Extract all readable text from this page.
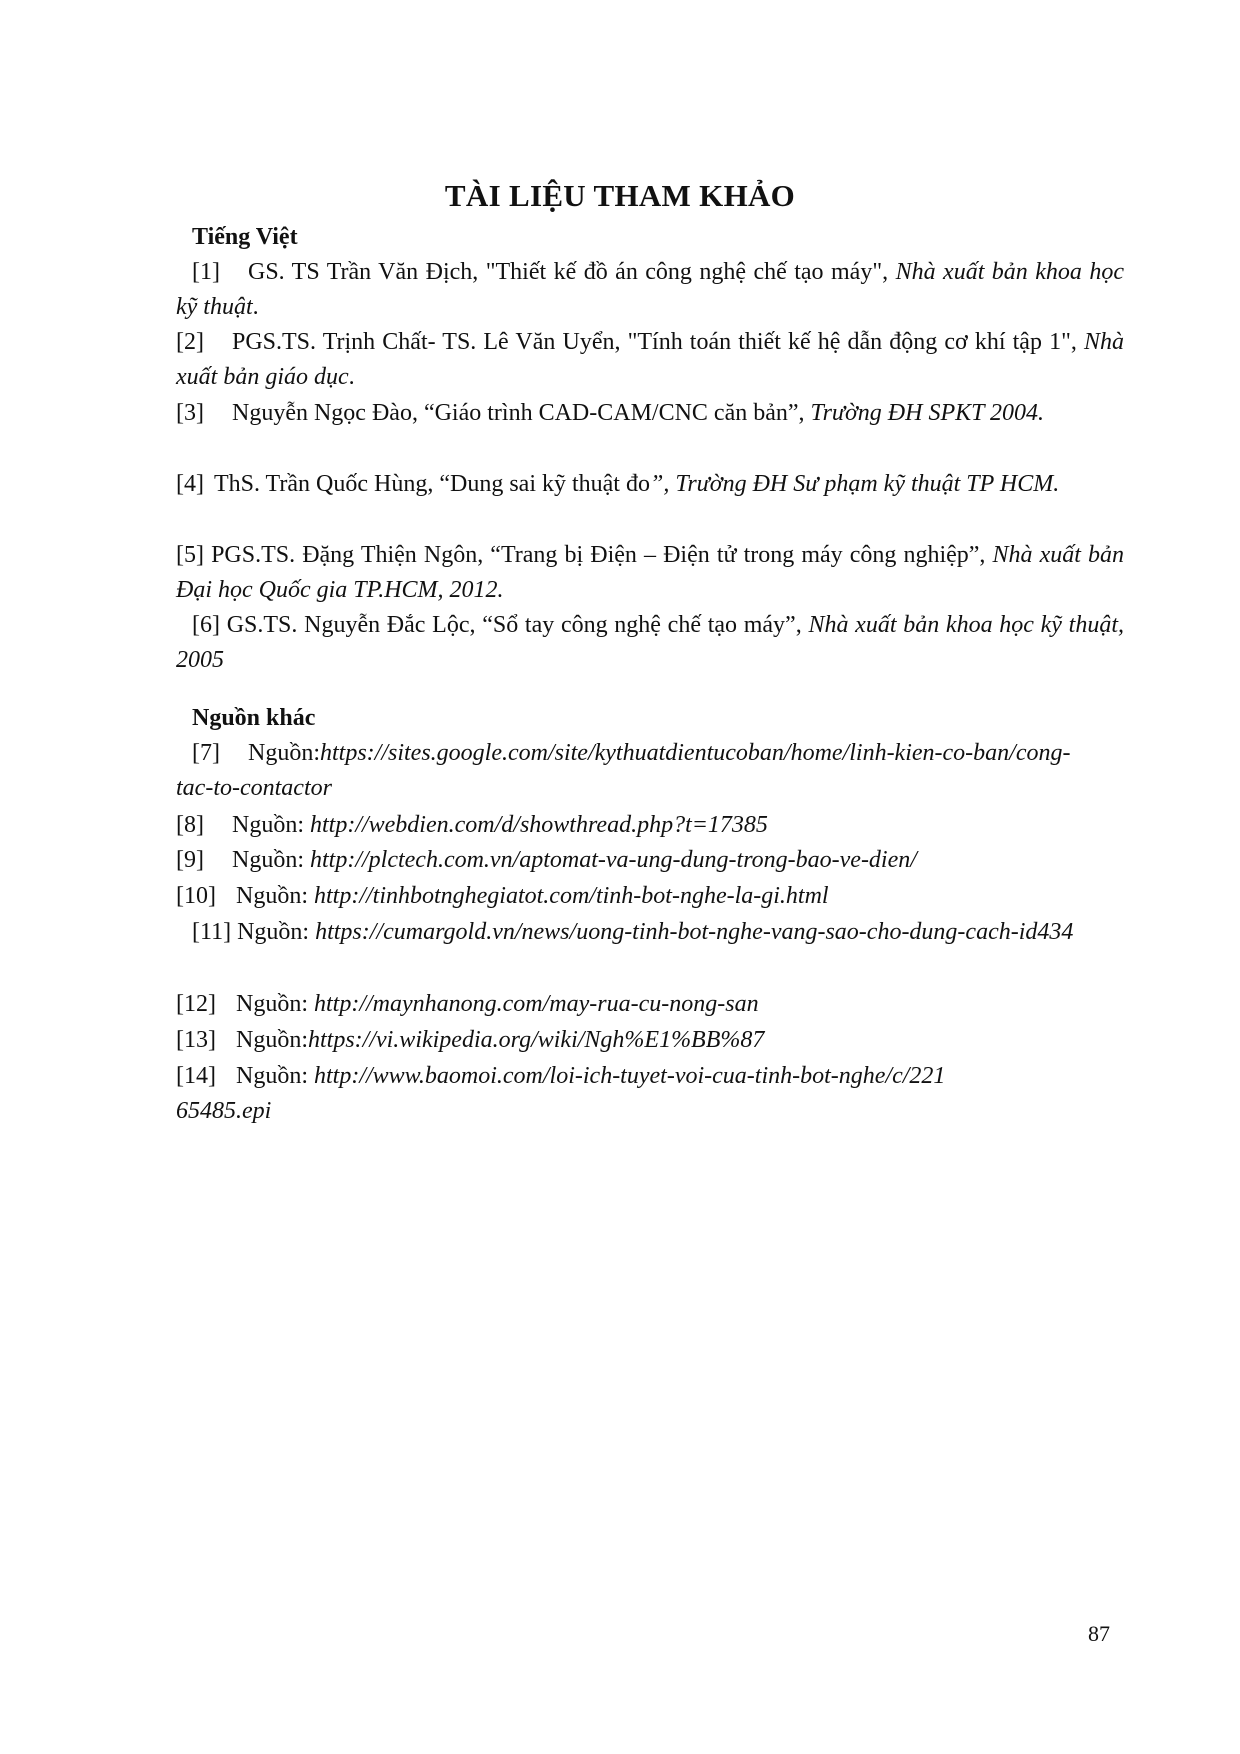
TÀI LIỆU THAM KHẢO
Tiếng Việt
[1] GS. TS Trần Văn Địch, "Thiết kế đồ án công nghệ chế tạo máy", Nhà xuất bản khoa học kỹ thuật.
[2] PGS.TS. Trịnh Chất- TS. Lê Văn Uyển, "Tính toán thiết kế hệ dẫn động cơ khí tập 1", Nhà xuất bản giáo dục.
[3] Nguyễn Ngọc Đào, “Giáo trình CAD-CAM/CNC căn bản”, Trường ĐH SPKT 2004.
[4] ThS. Trần Quốc Hùng, “Dung sai kỹ thuật đo”, Trường ĐH Sư phạm kỹ thuật TP HCM.
[5] PGS.TS. Đặng Thiện Ngôn, “Trang bị Điện – Điện tử trong máy công nghiệp”, Nhà xuất bản Đại học Quốc gia TP.HCM, 2012.
[6] GS.TS. Nguyễn Đắc Lộc, “Sổ tay công nghệ chế tạo máy”, Nhà xuất bản khoa học kỹ thuật, 2005
Nguồn khác
[7] Nguồn:https://sites.google.com/site/kythuatdientucoban/home/linh-kien-co-ban/cong-tac-to-contactor
[8] Nguồn: http://webdien.com/d/showthread.php?t=17385
[9] Nguồn: http://plctech.com.vn/aptomat-va-ung-dung-trong-bao-ve-dien/
[10] Nguồn: http://tinhbotnghegiatot.com/tinh-bot-nghe-la-gi.html
[11] Nguồn: https://cumargold.vn/news/uong-tinh-bot-nghe-vang-sao-cho-dung-cach-id434
[12] Nguồn: http://maynhanong.com/may-rua-cu-nong-san
[13] Nguồn:https://vi.wikipedia.org/wiki/Ngh%E1%BB%87
[14] Nguồn: http://www.baomoi.com/loi-ich-tuyet-voi-cua-tinh-bot-nghe/c/22165485.epi
87
